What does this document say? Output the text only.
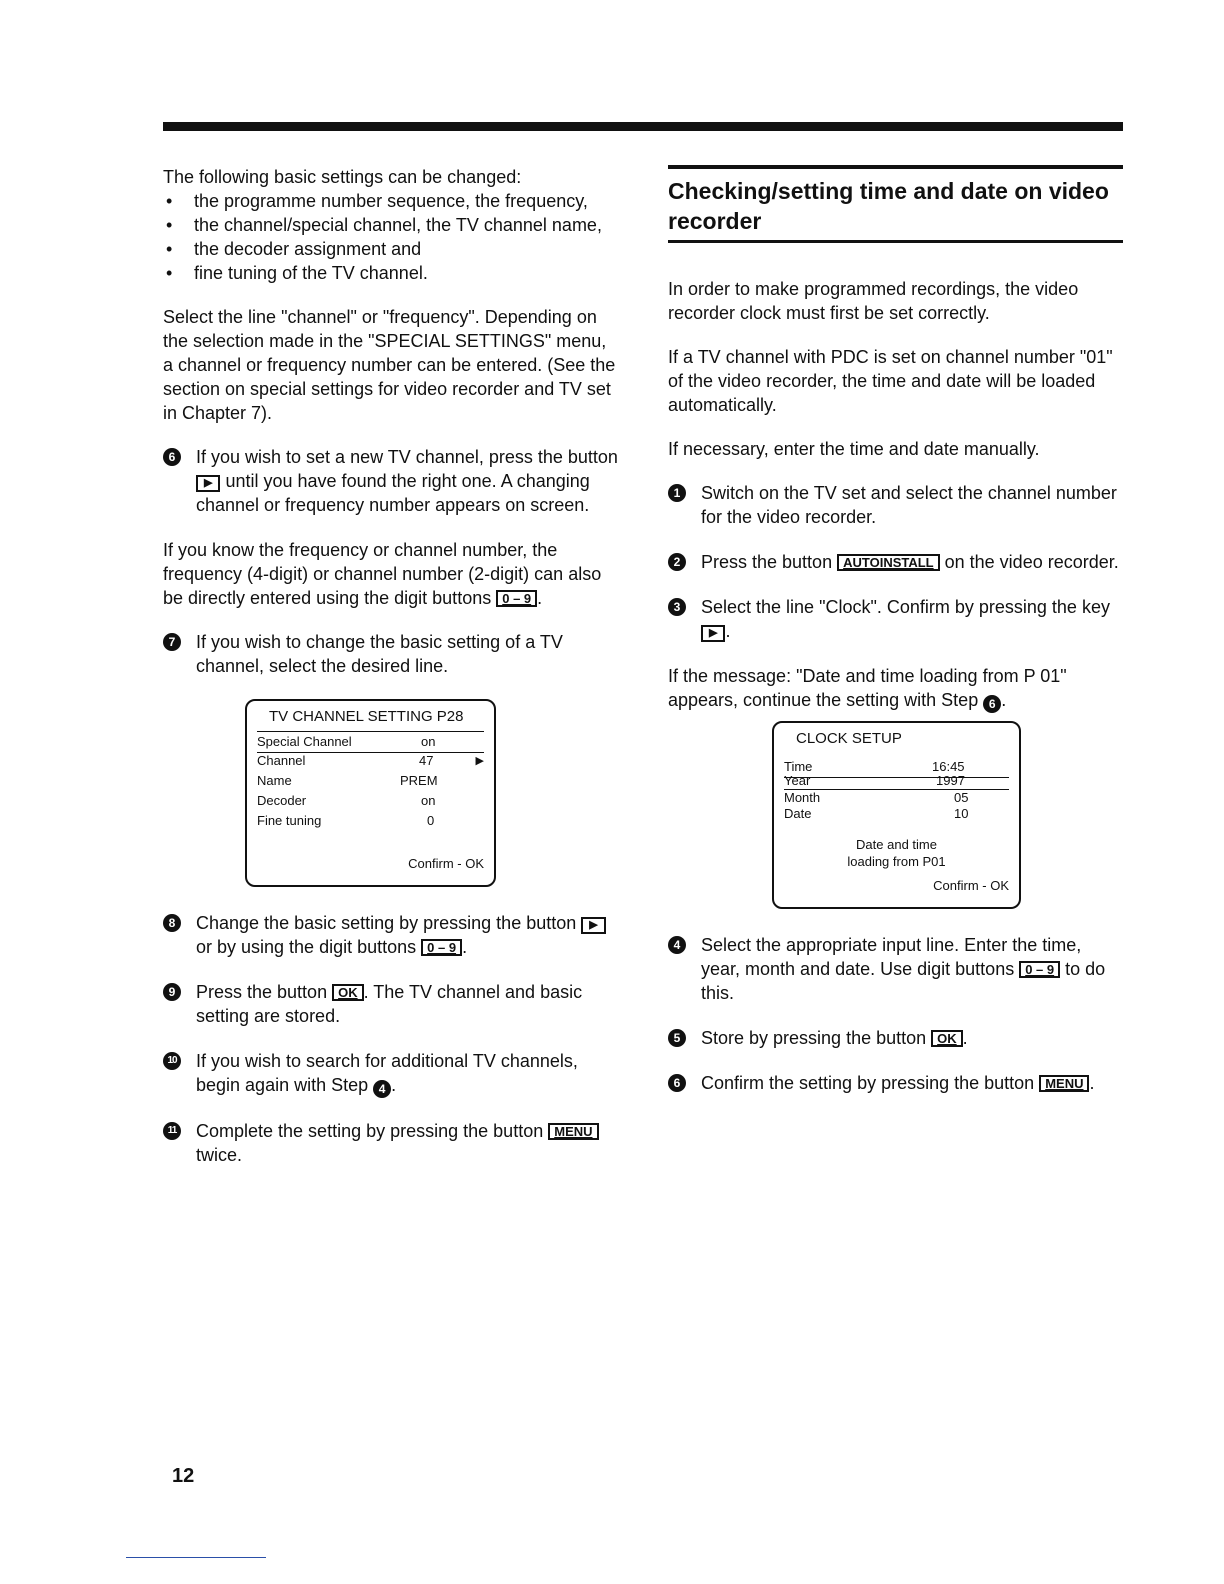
The following basic settings can be changed:

• the programme number sequence, the frequency,
• the channel/special channel, the TV channel name,
• the decoder assignment and
• fine tuning of the TV channel.

Select the line "channel" or "frequency". Depending on the selection made in the "SPECIAL SETTINGS" menu, a channel or frequency number can be entered. (See the section on special settings for video recorder and TV set in Chapter 7).

6	If you wish to set a new TV channel, press the button ▶ until you have found the right one. A changing channel or frequency number appears on screen.

If you know the frequency or channel number, the frequency (4-digit) or channel number (2-digit) can also be directly entered using the digit buttons 0 – 9 .

7	If you wish to change the basic setting of a TV channel, select the desired line.
TV CHANNEL SETTING P28
Special Channel	on
Channel	47	▶
Name	PREM
Decoder	on
Fine tuning	0
Confirm - OK
8	Change the basic setting by pressing the button ▶ or by using the digit buttons 0 – 9 .
9	Press the button OK . The TV channel and basic setting are stored.
10 If you wish to search for additional TV channels, begin again with Step 4 .
11 Complete the setting by pressing the button MENU twice.
Checking/setting time and date on video recorder

In order to make programmed recordings, the video recorder clock must first be set correctly.

If a TV channel with PDC is set on channel number "01" of the video recorder, the time and date will be loaded automatically.

If necessary, enter the time and date manually.

1	Switch on the TV set and select the channel number for the video recorder.
2	Press the button AUTOINSTALL on the video recorder.
3	Select the line "Clock". Confirm by pressing the key ▶ .

If the message: "Date and time loading from P 01" appears, continue the setting with Step 6 .

CLOCK SETUP
Time	16:45
Year	1997
Month	05
Date	10
Date and time
loading from P01
Confirm - OK
4	Select the appropriate input line. Enter the time, year, month and date. Use digit buttons 0 – 9 to do this.
5	Store by pressing the button OK .
6	Confirm the setting by pressing the button MENU .
12
